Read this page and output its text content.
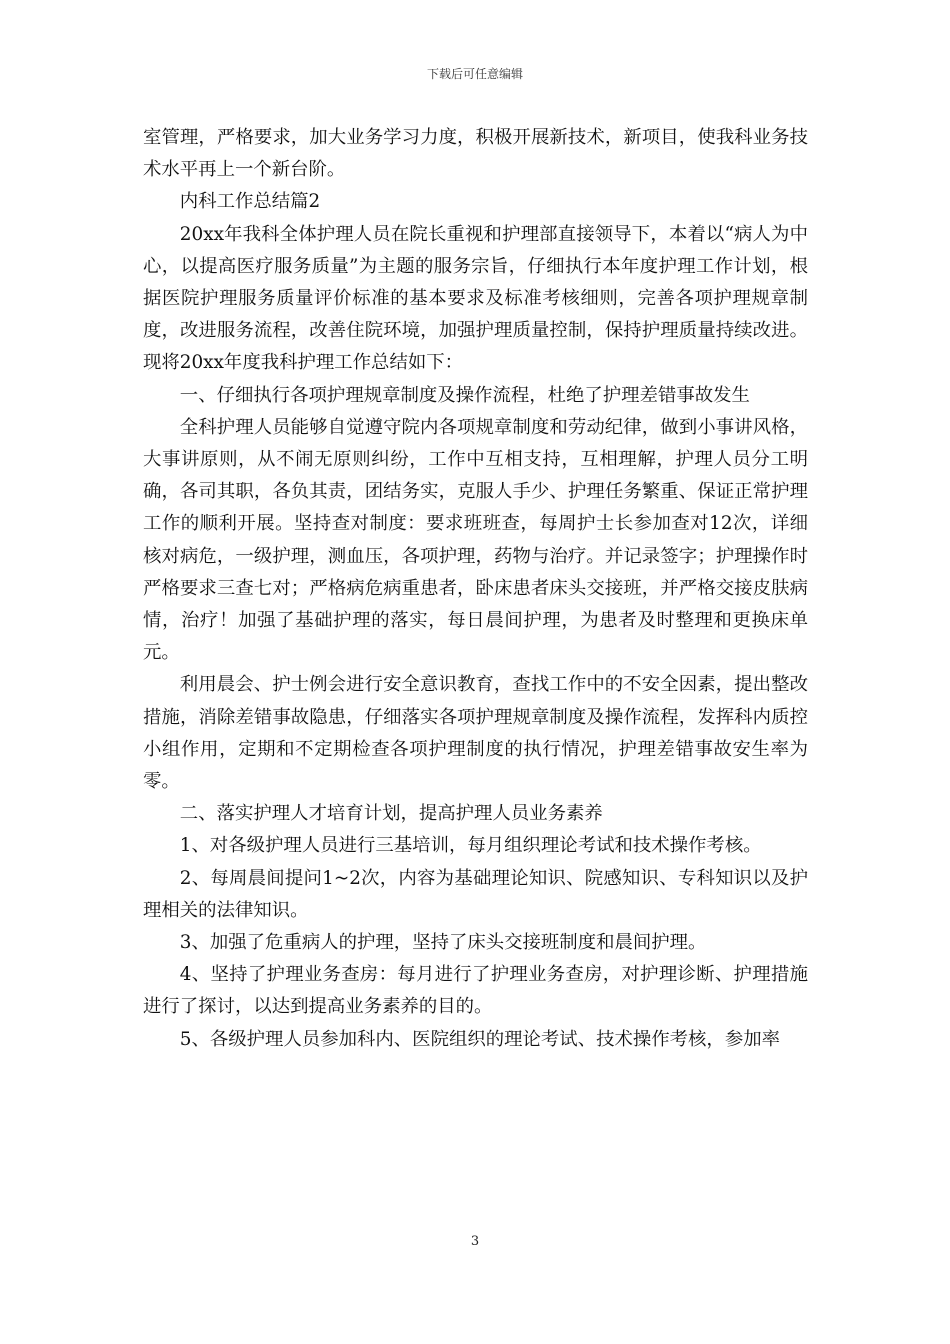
下载后可任意编辑

室管理，严格要求，加大业务学习力度，积极开展新技术，新项目，使我科业务技术水平再上一个新台阶。

内科工作总结篇2

20xx年我科全体护理人员在院长重视和护理部直接领导下，本着以“病人为中心，以提高医疗服务质量”为主题的服务宗旨，仔细执行本年度护理工作计划，根据医院护理服务质量评价标准的基本要求及标准考核细则，完善各项护理规章制度，改进服务流程，改善住院环境，加强护理质量控制，保持护理质量持续改进。现将20xx年度我科护理工作总结如下：

一、仔细执行各项护理规章制度及操作流程，杜绝了护理差错事故发生

全科护理人员能够自觉遵守院内各项规章制度和劳动纪律，做到小事讲风格，大事讲原则，从不闹无原则纠纷，工作中互相支持，互相理解，护理人员分工明确，各司其职，各负其责，团结务实，克服人手少、护理任务繁重、保证正常护理工作的顺利开展。坚持查对制度：要求班班查，每周护士长参加查对12次，详细核对病危，一级护理，测血压，各项护理，药物与治疗。并记录签字；护理操作时严格要求三查七对；严格病危病重患者，卧床患者床头交接班，并严格交接皮肤病情，治疗！加强了基础护理的落实，每日晨间护理，为患者及时整理和更换床单元。

利用晨会、护士例会进行安全意识教育，查找工作中的不安全因素，提出整改措施，消除差错事故隐患，仔细落实各项护理规章制度及操作流程，发挥科内质控小组作用，定期和不定期检查各项护理制度的执行情况，护理差错事故安生率为零。

二、落实护理人才培育计划，提高护理人员业务素养

1、对各级护理人员进行三基培训，每月组织理论考试和技术操作考核。

2、每周晨间提问1~2次，内容为基础理论知识、院感知识、专科知识以及护理相关的法律知识。

3、加强了危重病人的护理，坚持了床头交接班制度和晨间护理。

4、坚持了护理业务查房：每月进行了护理业务查房，对护理诊断、护理措施进行了探讨，以达到提高业务素养的目的。

5、各级护理人员参加科内、医院组织的理论考试、技术操作考核，参加率

3
